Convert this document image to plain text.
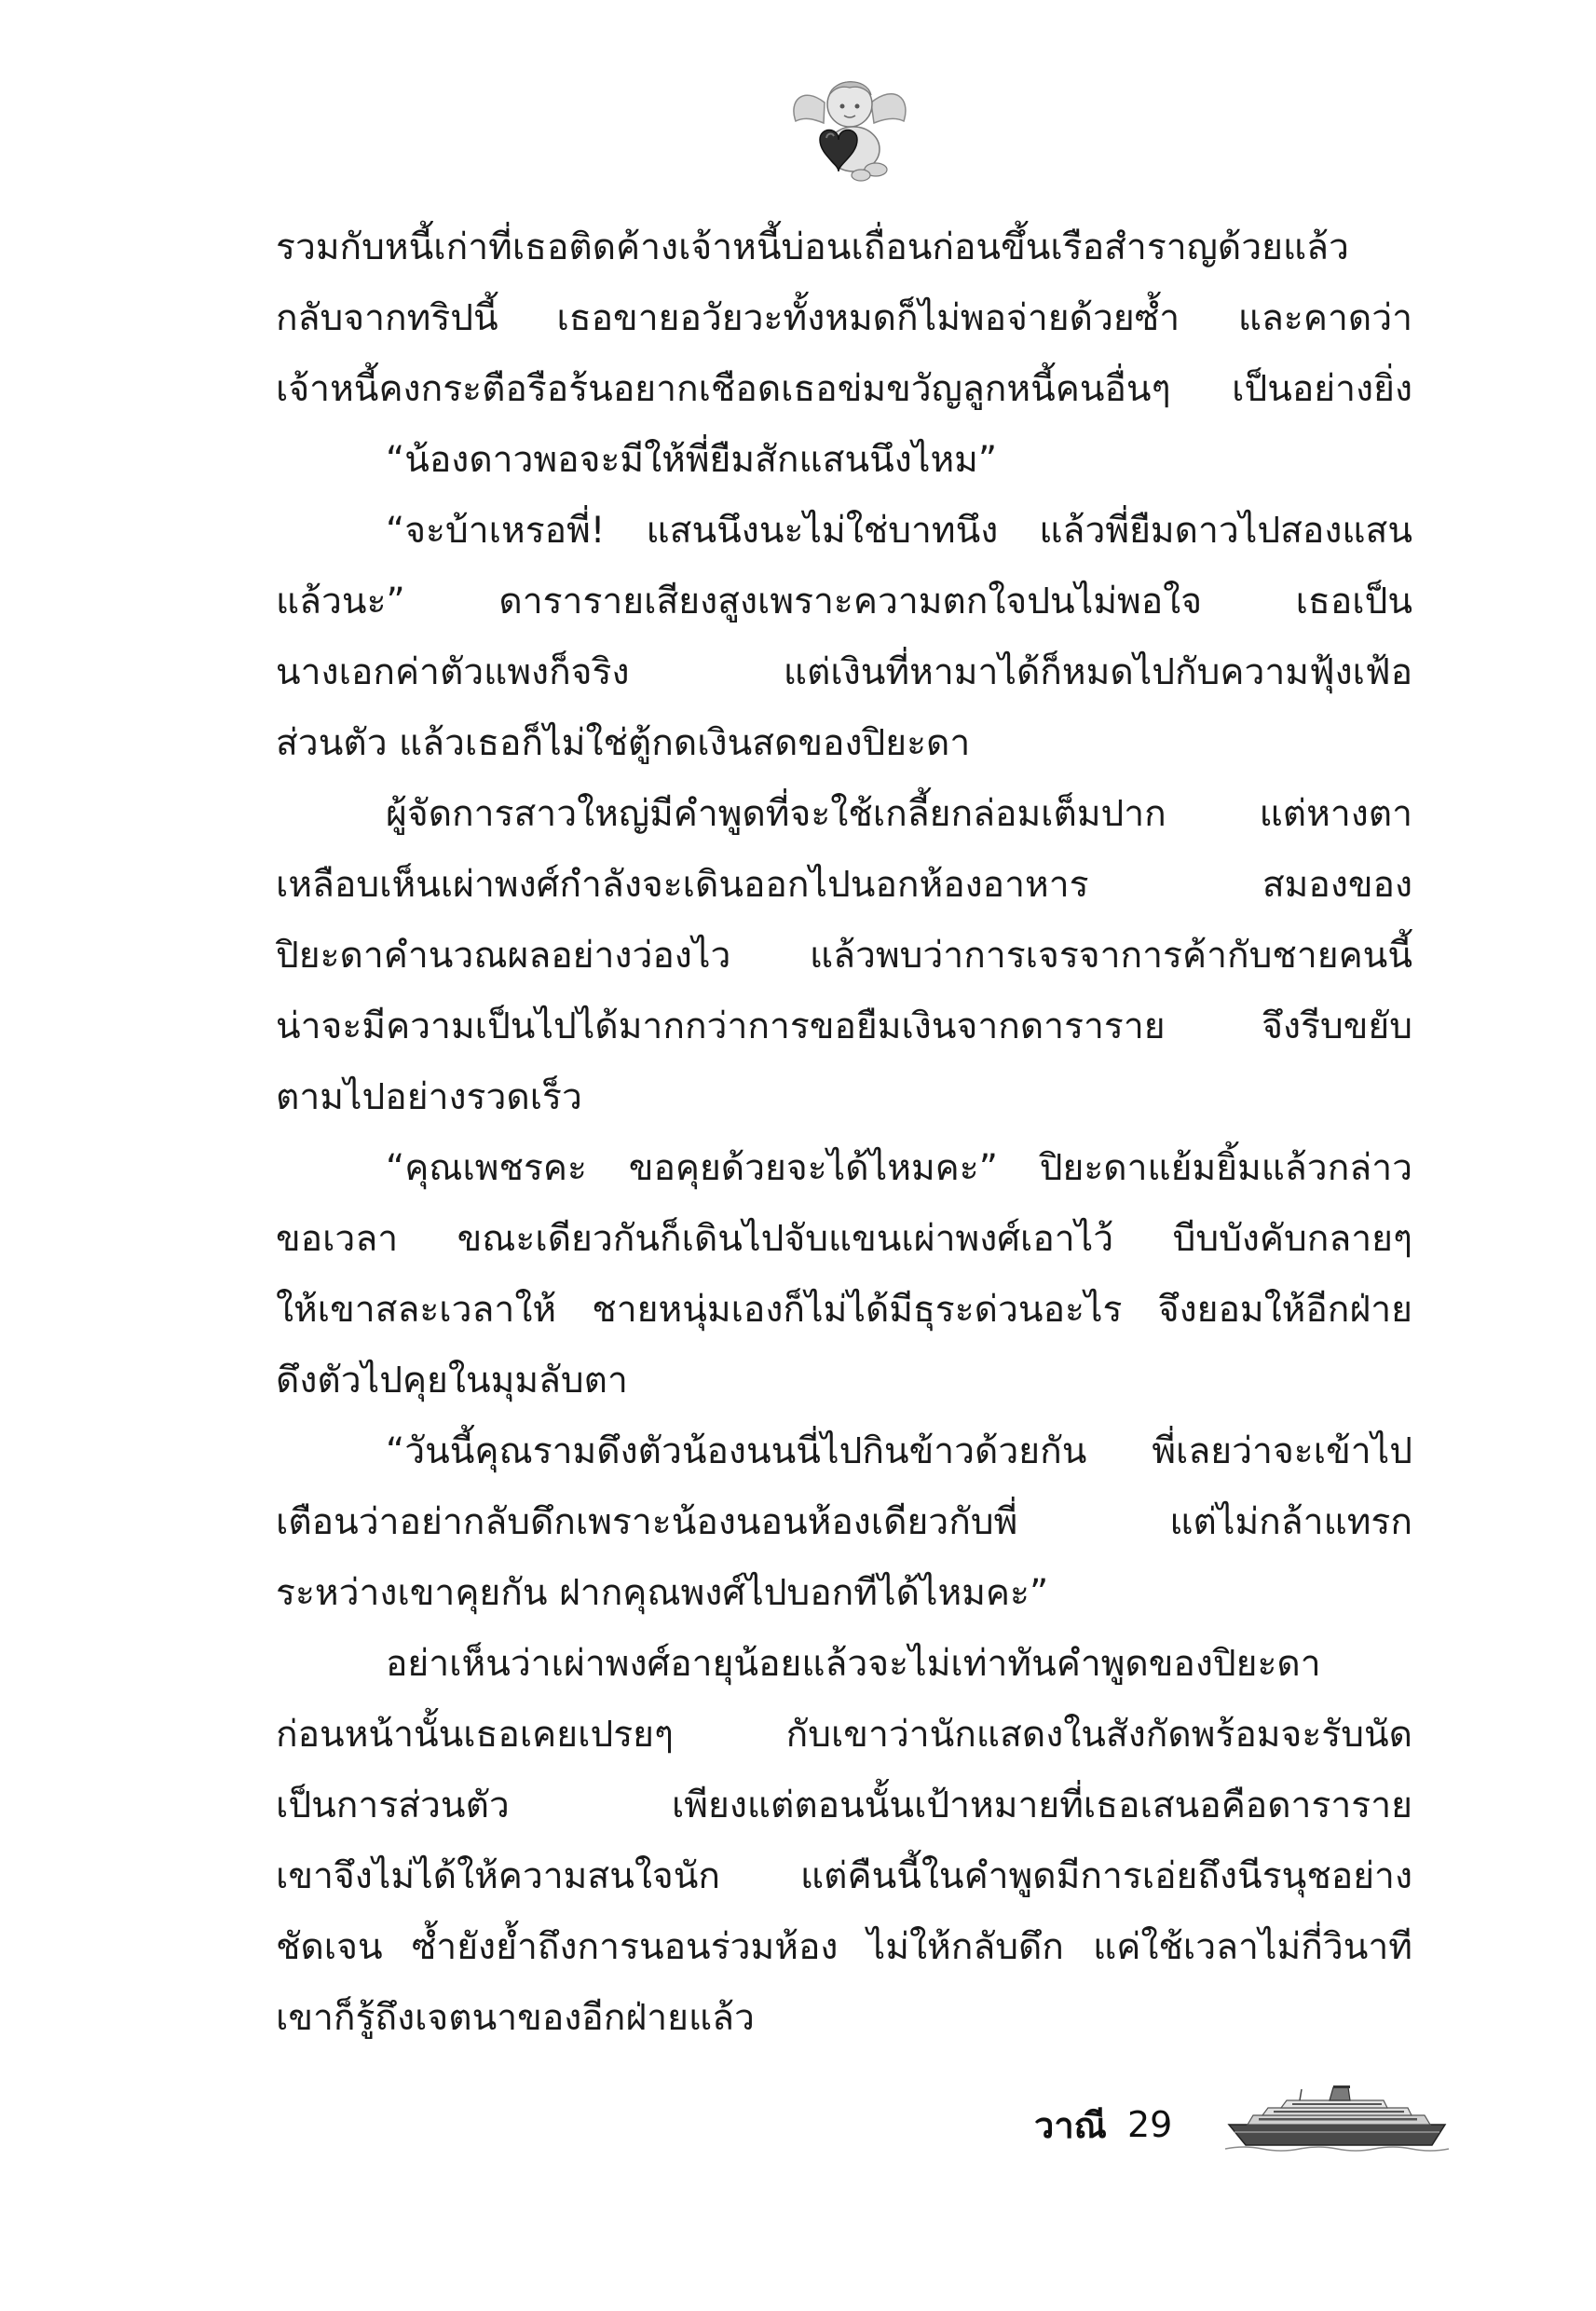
รวมกับหนี้เก่าที่เธอติดค้างเจ้าหนี้บ่อนเถื่อนก่อนขึ้นเรือสำราญด้วยแล้ว
กลับจากทริปนี้ เธอขายอวัยวะทั้งหมดก็ไม่พอจ่ายด้วยซ้ำ และคาดว่า
เจ้าหนี้คงกระตือรือร้นอยากเชือดเธอข่มขวัญลูกหนี้คนอื่นๆ เป็นอย่างยิ่ง
“น้องดาวพอจะมีให้พี่ยืมสักแสนนึงไหม”
“จะบ้าเหรอพี่! แสนนึงนะไม่ใช่บาทนึง แล้วพี่ยืมดาวไปสองแสน
แล้วนะ” ดารารายเสียงสูงเพราะความตกใจปนไม่พอใจ เธอเป็น
นางเอกค่าตัวแพงก็จริง แต่เงินที่หามาได้ก็หมดไปกับความฟุ้งเฟ้อ
ส่วนตัว แล้วเธอก็ไม่ใช่ตู้กดเงินสดของปิยะดา
ผู้จัดการสาวใหญ่มีคำพูดที่จะใช้เกลี้ยกล่อมเต็มปาก แต่หางตา
เหลือบเห็นเผ่าพงศ์กำลังจะเดินออกไปนอกห้องอาหาร สมองของ
ปิยะดาคำนวณผลอย่างว่องไว แล้วพบว่าการเจรจาการค้ากับชายคนนี้
น่าจะมีความเป็นไปได้มากกว่าการขอยืมเงินจากดาราราย จึงรีบขยับ
ตามไปอย่างรวดเร็ว
“คุณเพชรคะ ขอคุยด้วยจะได้ไหมคะ” ปิยะดาแย้มยิ้มแล้วกล่าว
ขอเวลา ขณะเดียวกันก็เดินไปจับแขนเผ่าพงศ์เอาไว้ บีบบังคับกลายๆ
ให้เขาสละเวลาให้ ชายหนุ่มเองก็ไม่ได้มีธุระด่วนอะไร จึงยอมให้อีกฝ่าย
ดึงตัวไปคุยในมุมลับตา
“วันนี้คุณรามดึงตัวน้องนนนี่ไปกินข้าวด้วยกัน พี่เลยว่าจะเข้าไป
เตือนว่าอย่ากลับดึกเพราะน้องนอนห้องเดียวกับพี่ แต่ไม่กล้าแทรก
ระหว่างเขาคุยกัน ฝากคุณพงศ์ไปบอกทีได้ไหมคะ”
อย่าเห็นว่าเผ่าพงศ์อายุน้อยแล้วจะไม่เท่าทันคำพูดของปิยะดา
ก่อนหน้านั้นเธอเคยเปรยๆ กับเขาว่านักแสดงในสังกัดพร้อมจะรับนัด
เป็นการส่วนตัว เพียงแต่ตอนนั้นเป้าหมายที่เธอเสนอคือดาราราย
เขาจึงไม่ได้ให้ความสนใจนัก แต่คืนนี้ในคำพูดมีการเอ่ยถึงนีรนุชอย่าง
ชัดเจน ซ้ำยังย้ำถึงการนอนร่วมห้อง ไม่ให้กลับดึก แค่ใช้เวลาไม่กี่วินาที
เขาก็รู้ถึงเจตนาของอีกฝ่ายแล้ว
วาณี 29
